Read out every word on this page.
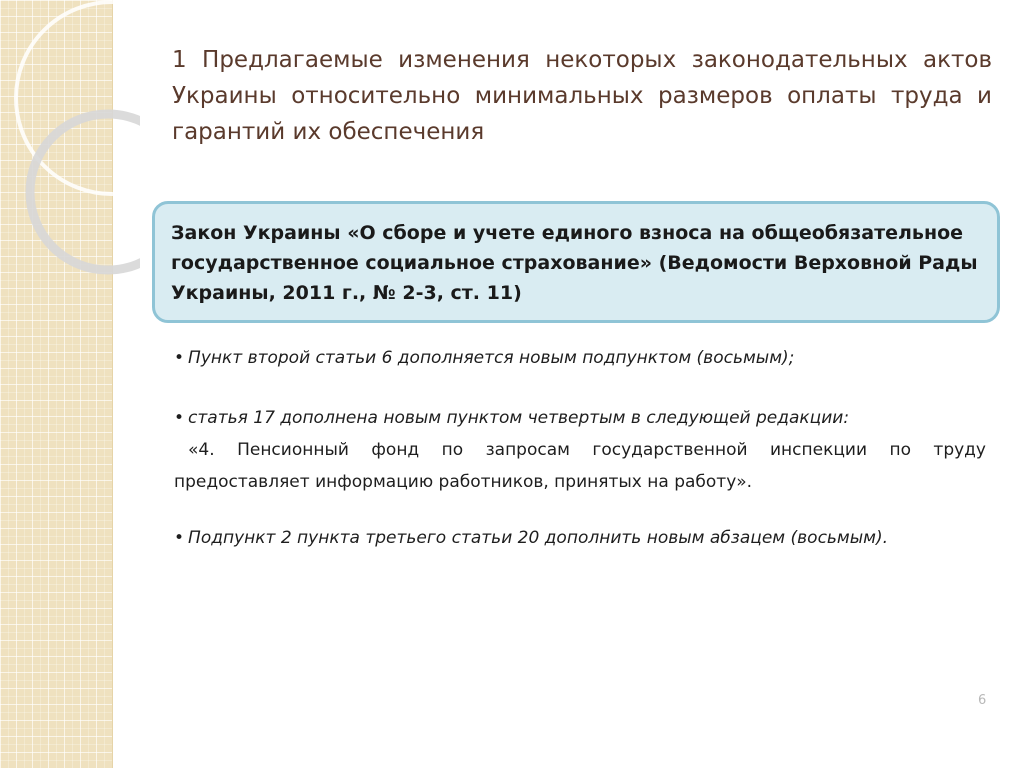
1 Предлагаемые изменения некоторых законодательных актов Украины относительно минимальных размеров оплаты труда и гарантий их обеспечения

Закон Украины «О сборе и учете единого взноса на общеобязательное государственное социальное страхование» (Ведомости Верховной Рады Украины, 2011 г., № 2-3, ст. 11)

• Пункт второй статьи 6 дополняется новым подпунктом (восьмым);

• статья 17 дополнена новым пунктом четвертым в следующей редакции:

«4. Пенсионный фонд по запросам государственной инспекции по труду предоставляет информацию работников, принятых на работу».

• Подпункт 2 пункта третьего статьи 20 дополнить новым абзацем (восьмым).

6
